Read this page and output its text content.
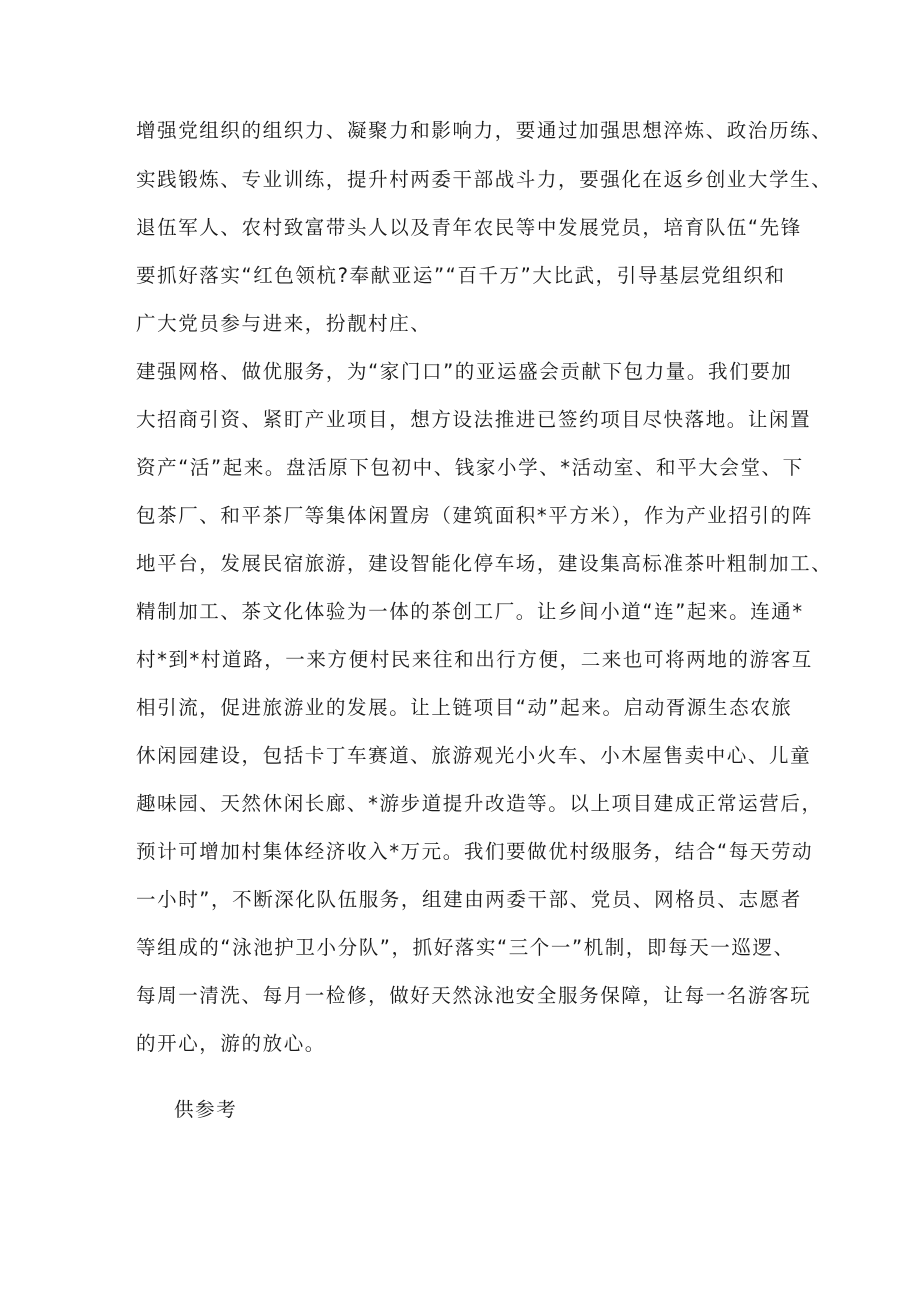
增强党组织的组织力、凝聚力和影响力，要通过加强思想淬炼、政治历练、
实践锻炼、专业训练，提升村两委干部战斗力，要强化在返乡创业大学生、
退伍军人、农村致富带头人以及青年农民等中发展党员，培育队伍“先锋
要抓好落实“红色领杭?奉献亚运”“百千万”大比武，引导基层党组织和
广大党员参与进来，扮靓村庄、
建强网格、做优服务，为“家门口”的亚运盛会贡献下包力量。我们要加
大招商引资、紧盯产业项目，想方设法推进已签约项目尽快落地。让闲置
资产“活”起来。盘活原下包初中、钱家小学、*活动室、和平大会堂、下
包茶厂、和平茶厂等集体闲置房（建筑面积*平方米），作为产业招引的阵
地平台，发展民宿旅游，建设智能化停车场，建设集高标准茶叶粗制加工、
精制加工、茶文化体验为一体的茶创工厂。让乡间小道“连”起来。连通*
村*到*村道路，一来方便村民来往和出行方便，二来也可将两地的游客互
相引流，促进旅游业的发展。让上链项目“动”起来。启动胥源生态农旅
休闲园建设，包括卡丁车赛道、旅游观光小火车、小木屋售卖中心、儿童
趣味园、天然休闲长廊、*游步道提升改造等。以上项目建成正常运营后，
预计可增加村集体经济收入*万元。我们要做优村级服务，结合“每天劳动
一小时”，不断深化队伍服务，组建由两委干部、党员、网格员、志愿者
等组成的“泳池护卫小分队”，抓好落实“三个一”机制，即每天一巡逻、
每周一清洗、每月一检修，做好天然泳池安全服务保障，让每一名游客玩
的开心，游的放心。
供参考
